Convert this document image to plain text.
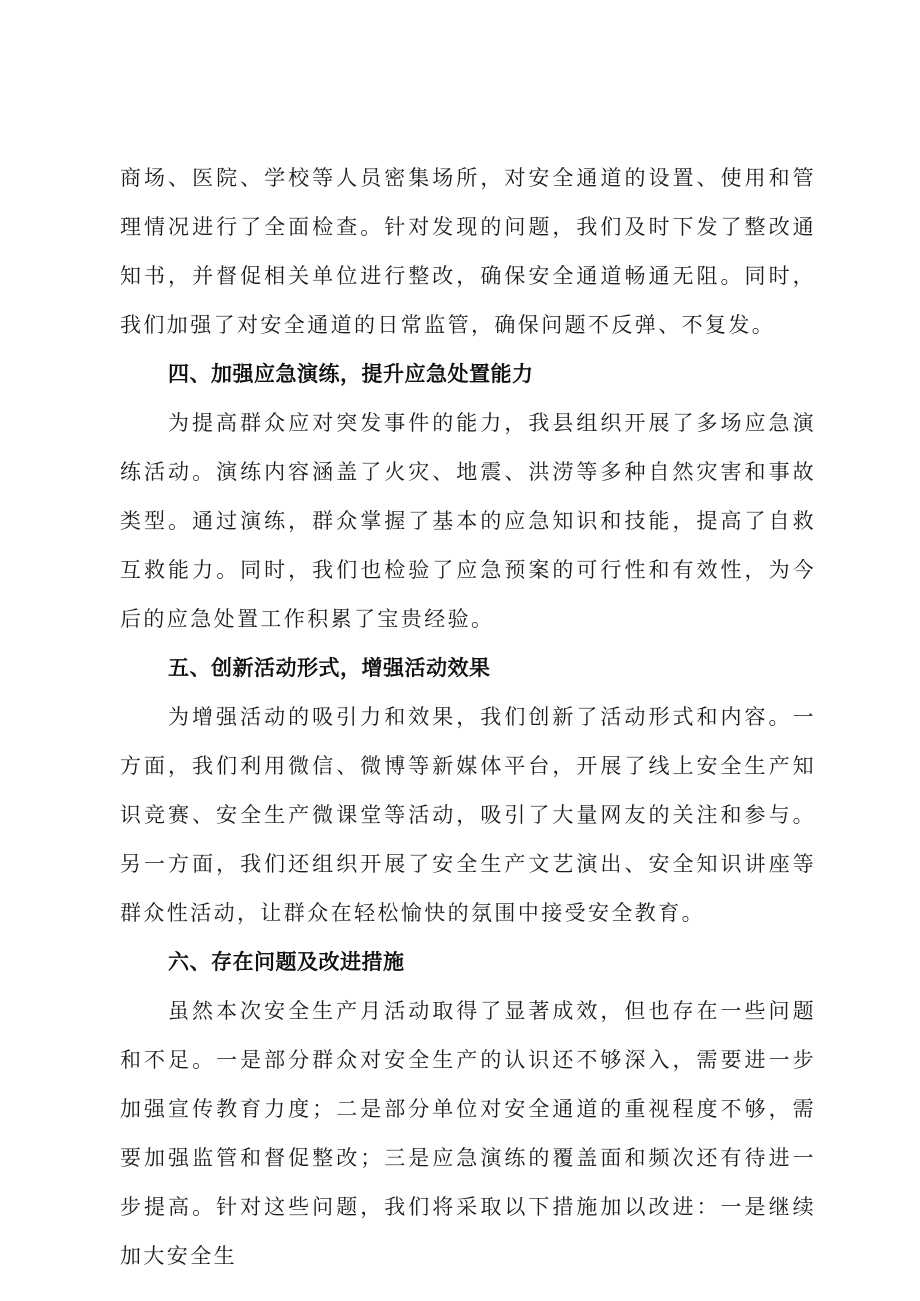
商场、医院、学校等人员密集场所，对安全通道的设置、使用和管理情况进行了全面检查。针对发现的问题，我们及时下发了整改通知书，并督促相关单位进行整改，确保安全通道畅通无阻。同时，我们加强了对安全通道的日常监管，确保问题不反弹、不复发。

四、加强应急演练，提升应急处置能力

为提高群众应对突发事件的能力，我县组织开展了多场应急演练活动。演练内容涵盖了火灾、地震、洪涝等多种自然灾害和事故类型。通过演练，群众掌握了基本的应急知识和技能，提高了自救互救能力。同时，我们也检验了应急预案的可行性和有效性，为今后的应急处置工作积累了宝贵经验。

五、创新活动形式，增强活动效果

为增强活动的吸引力和效果，我们创新了活动形式和内容。一方面，我们利用微信、微博等新媒体平台，开展了线上安全生产知识竞赛、安全生产微课堂等活动，吸引了大量网友的关注和参与。另一方面，我们还组织开展了安全生产文艺演出、安全知识讲座等群众性活动，让群众在轻松愉快的氛围中接受安全教育。

六、存在问题及改进措施

虽然本次安全生产月活动取得了显著成效，但也存在一些问题和不足。一是部分群众对安全生产的认识还不够深入，需要进一步加强宣传教育力度；二是部分单位对安全通道的重视程度不够，需要加强监管和督促整改；三是应急演练的覆盖面和频次还有待进一步提高。针对这些问题，我们将采取以下措施加以改进：一是继续加大安全生
